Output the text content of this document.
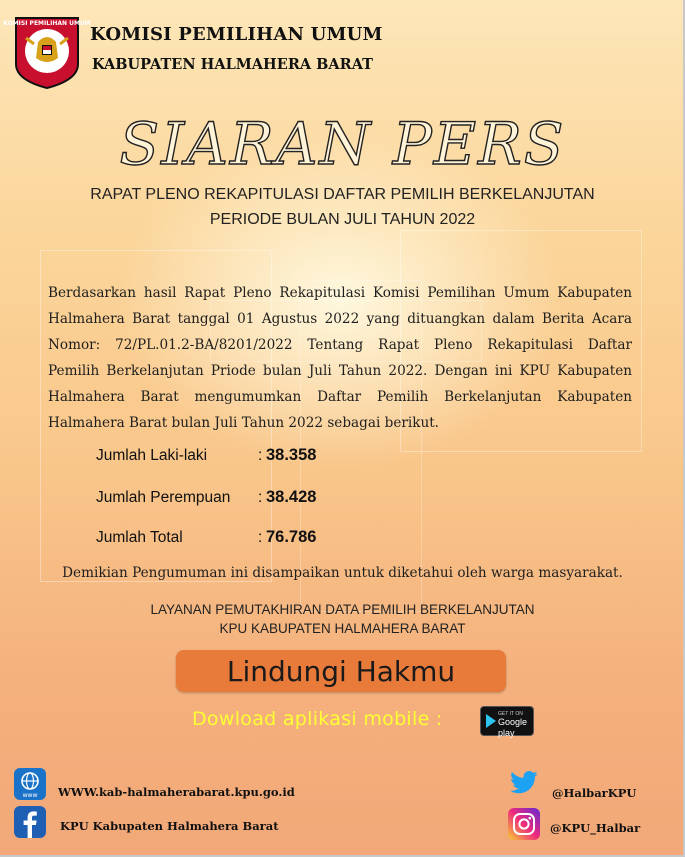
KOMISI PEMILIHAN UMUM
KOMISI PEMILIHAN UMUM
KABUPATEN HALMAHERA BARAT
SIARAN PERS
RAPAT PLENO REKAPITULASI DAFTAR PEMILIH BERKELANJUTAN
PERIODE BULAN JULI TAHUN 2022
Berdasarkan hasil Rapat Pleno Rekapitulasi Komisi Pemilihan Umum Kabupaten
Halmahera Barat tanggal 01 Agustus 2022 yang dituangkan dalam Berita Acara
Nomor: 72/PL.01.2-BA/8201/2022 Tentang Rapat Pleno Rekapitulasi Daftar
Pemilih Berkelanjutan Priode bulan Juli Tahun 2022. Dengan ini KPU Kabupaten
Halmahera Barat mengumumkan Daftar Pemilih Berkelanjutan Kabupaten
Halmahera Barat bulan Juli Tahun 2022 sebagai berikut.
Jumlah Laki-laki	: 38.358
Jumlah Perempuan : 38.428
Jumlah Total	: 76.786
Demikian Pengumuman ini disampaikan untuk diketahui oleh warga masyarakat.
LAYANAN PEMUTAKHIRAN DATA PEMILIH BERKELANJUTAN
KPU KABUPATEN HALMAHERA BARAT
Lindungi Hakmu
Dowload aplikasi mobile :	GET IT ON
Google play
www WWW.kab-halmaherabarat.kpu.go.id
KPU Kabupaten Halmahera Barat
@HalbarKPU
@KPU_Halbar
